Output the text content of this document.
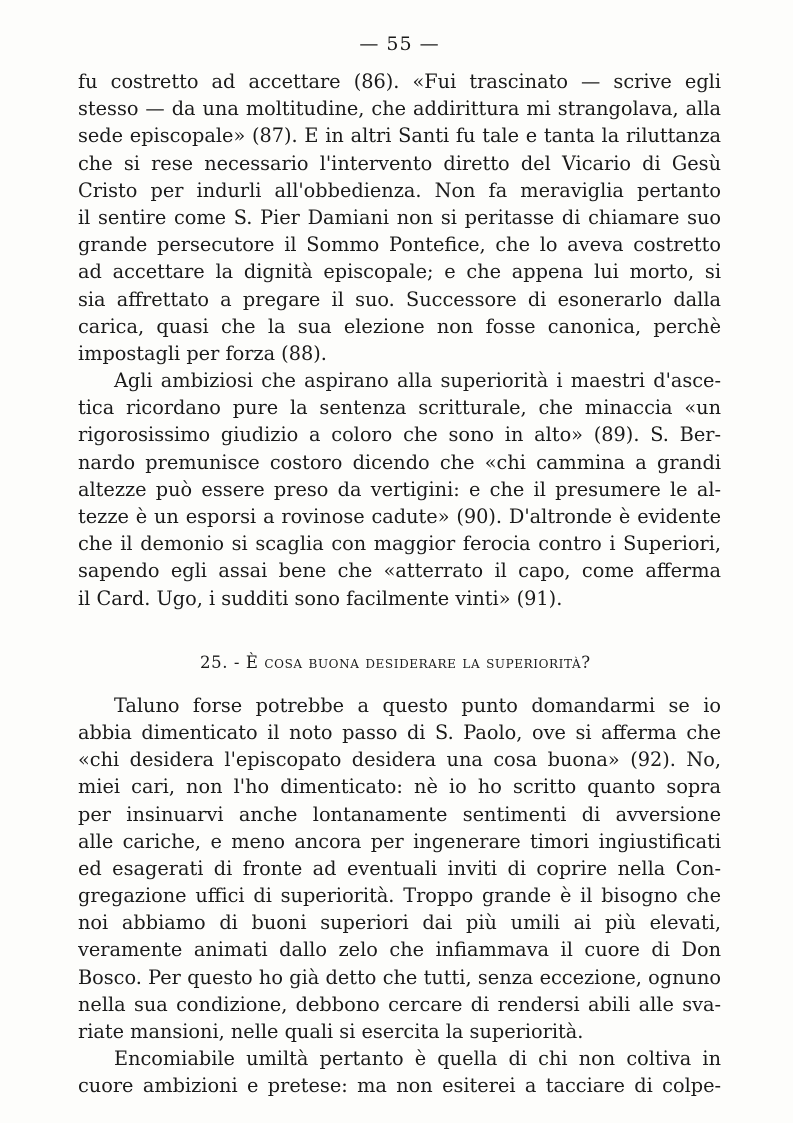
— 55 —
fu costretto ad accettare (86). «Fui trascinato — scrive egli
stesso — da una moltitudine, che addirittura mi strangolava, alla
sede episcopale» (87). E in altri Santi fu tale e tanta la riluttanza
che si rese necessario l'intervento diretto del Vicario di Gesù
Cristo per indurli all'obbedienza. Non fa meraviglia pertanto
il sentire come S. Pier Damiani non si peritasse di chiamare suo
grande persecutore il Sommo Pontefice, che lo aveva costretto
ad accettare la dignità episcopale; e che appena lui morto, si
sia affrettato a pregare il suo. Successore di esonerarlo dalla
carica, quasi che la sua elezione non fosse canonica, perchè
impostagli per forza (88).
Agli ambiziosi che aspirano alla superiorità i maestri d'asce-
tica ricordano pure la sentenza scritturale, che minaccia «un
rigorosissimo giudizio a coloro che sono in alto» (89). S. Ber-
nardo premunisce costoro dicendo che «chi cammina a grandi
altezze può essere preso da vertigini: e che il presumere le al-
tezze è un esporsi a rovinose cadute» (90). D'altronde è evidente
che il demonio si scaglia con maggior ferocia contro i Superiori,
sapendo egli assai bene che «atterrato il capo, come afferma
il Card. Ugo, i sudditi sono facilmente vinti» (91).
25. - È cosa buona desiderare la superiorità?
Taluno forse potrebbe a questo punto domandarmi se io
abbia dimenticato il noto passo di S. Paolo, ove si afferma che
«chi desidera l'episcopato desidera una cosa buona» (92). No,
miei cari, non l'ho dimenticato: nè io ho scritto quanto sopra
per insinuarvi anche lontanamente sentimenti di avversione
alle cariche, e meno ancora per ingenerare timori ingiustificati
ed esagerati di fronte ad eventuali inviti di coprire nella Con-
gregazione uffici di superiorità. Troppo grande è il bisogno che
noi abbiamo di buoni superiori dai più umili ai più elevati,
veramente animati dallo zelo che infiammava il cuore di Don
Bosco. Per questo ho già detto che tutti, senza eccezione, ognuno
nella sua condizione, debbono cercare di rendersi abili alle sva-
riate mansioni, nelle quali si esercita la superiorità.
Encomiabile umiltà pertanto è quella di chi non coltiva in
cuore ambizioni e pretese: ma non esiterei a tacciare di colpe-
